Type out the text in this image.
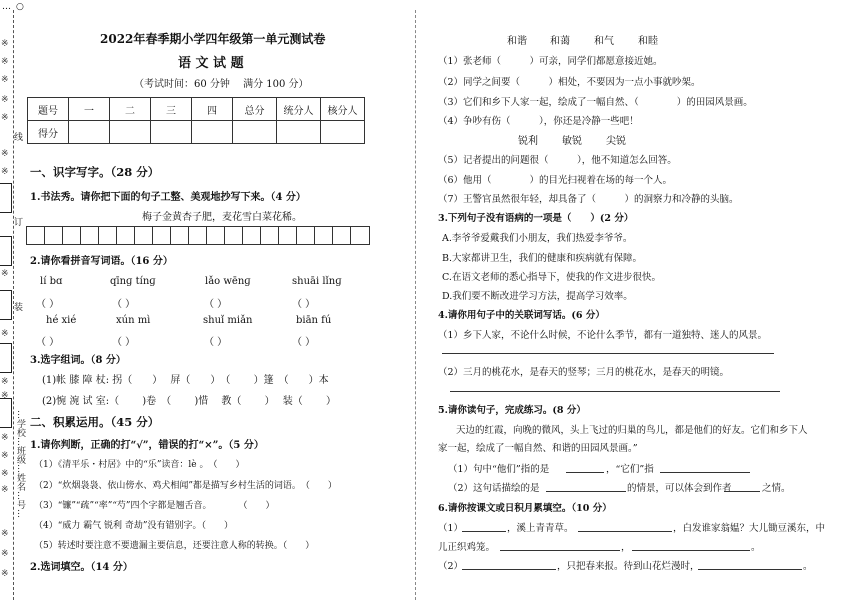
… ○
…学校…班级…姓名…号…
线
订
装
※
※
※
※
※
※
※
※
※
※
※
※
※
※
※
※
※
※
2022年春季期小学四年级第一单元测试卷
语 文 试 题
（考试时间：60 分钟　 满分 100 分）
题号	一	二	三	四	总分	统分人	核分人
得分							
一、识字写字。（28 分）
1.书法秀。请你把下面的句子工整、美观地抄写下来。（4 分）
梅子金黄杏子肥，麦花雪白菜花稀。
2.请你看拼音写词语。（16 分）
lí bɑ	qīnɡ tínɡ	lǎo wēnɡ	shuāi lǐnɡ
（ ）	（ ）	（ ）	（ ）
hé xié	xún mì	shuǐ miǎn	biān fú
（ ）	（ ）	（ ）	（ ）
3.选字组词。（8 分）
(1)帐 膝 障 杖: 拐（　　）　 屏（　　）　（　　 ）篷　（　　）本
(2)惋 涴 试 室:（　　 )卷　（　　 )惜　 教（　　 ）　 装（　　 ）
二、积累运用。（45 分）
1.请你判断，正确的打“√”，错误的打“×”。（5 分）
（1）《清平乐・村居》中的“乐”读音：lè 。　（　　）
（2）“炊烟袅袅、依山傍水、鸡犬相闻”都是描写乡村生活的词语。　（　　）
（3）“镰”“疏”“率”“芍”四个字都是翘舌音。　　　　（　　）
（4）“威力 霸气 锐利 奇劫”没有错别字。（　　）
（5）转述时要注意不要遗漏主要信息，还要注意人称的转换。（　　）
2.选词填空。（14 分）
和谐 和蔼 和气 和睦
（1）张老师（　　　）可亲，同学们都愿意接近她。
（2）同学之间要（　　　）相处，不要因为一点小事就吵架。
（3）它们和乡下人家一起，绘成了一幅自然、（　　　　）的田园风景画。
（4）争吵有伤（　　　），你还是冷静一些吧！
锐利 敏锐 尖锐
（5）记者提出的问题很（　　　），他不知道怎么回答。
（6）他用（　　　　）的目光扫视着在场的每一个人。
（7）王警官虽然很年轻，却具备了（　　　）的洞察力和冷静的头脑。
3.下列句子没有语病的一项是（　　）(2 分）
A.李爷爷爱戴我们小朋友，我们热爱李爷爷。
B.大家都讲卫生，我们的健康和疾病就有保障。
C.在语文老师的悉心指导下，使我的作文进步很快。
D.我们要不断改进学习方法，提高学习效率。
4.请你用句子中的关联词写话。(6 分）
（1）乡下人家，不论什么时候，不论什么季节，都有一道独特、迷人的风景。
（2）三月的桃花水，是春天的竖琴；三月的桃花水，是春天的明镜。
5.请你读句子，完成练习。(8 分）
天边的红霞，向晚的微风，头上飞过的归巢的鸟儿，都是他们的好友。它们和乡下人
家一起，绘成了一幅自然、和谐的田园风景画。”
（1）句中“他们”指的是	，“它们”指
（2）这句话描绘的是	的情景，可以体会到作者	之情。
6.请你按课文或日积月累填空。（10 分）
（1）	，溪上青青草。	，白发谁家翁媪？大儿锄豆溪东，中
儿正织鸡笼。	，	。
（2）	，只把春来报。待到山花烂漫时，	。
